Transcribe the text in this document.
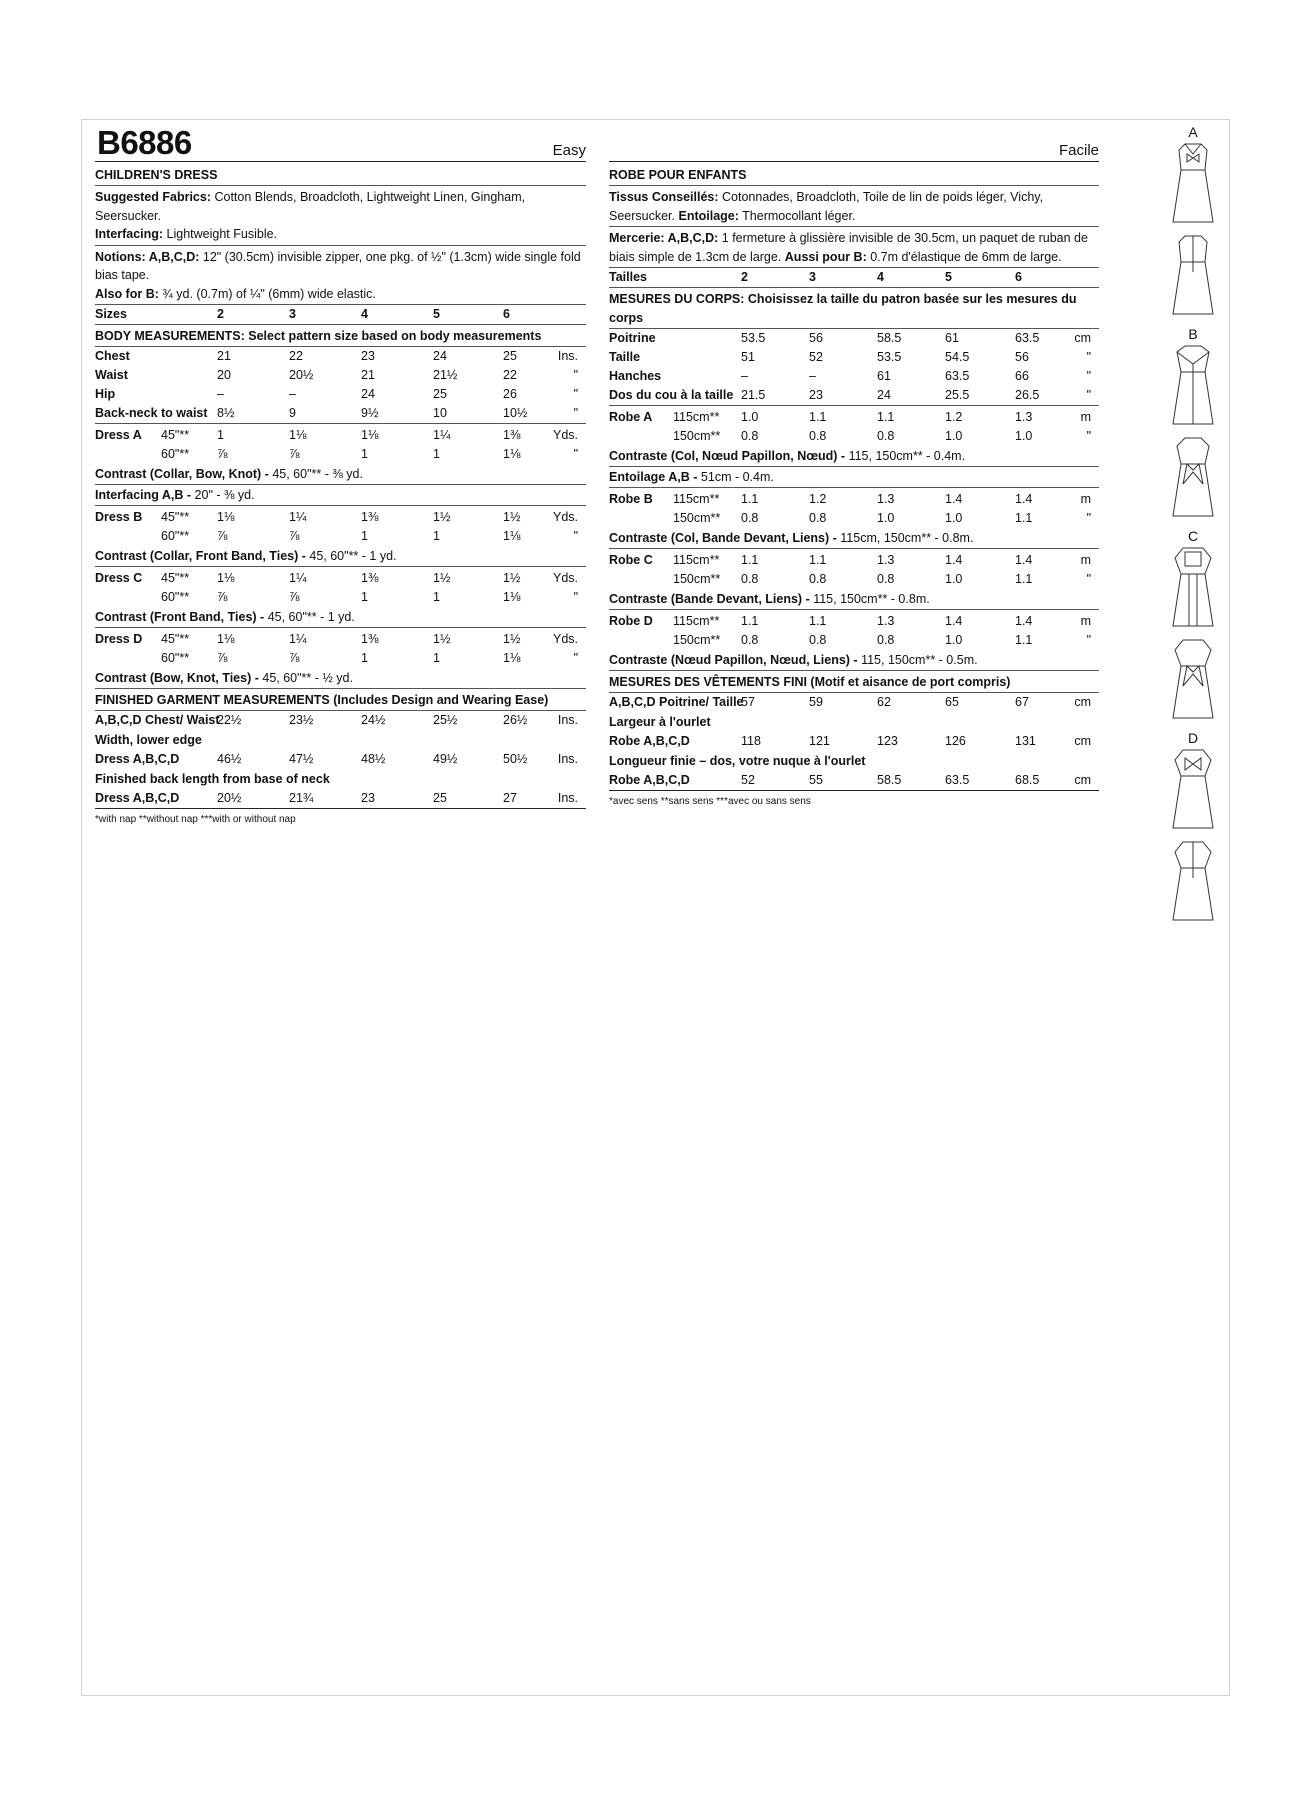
B6886	Easy
CHILDREN'S DRESS
Suggested Fabrics: Cotton Blends, Broadcloth, Lightweight Linen, Gingham, Seersucker.
Interfacing: Lightweight Fusible.
Notions: A,B,C,D: 12" (30.5cm) invisible zipper, one pkg. of ½" (1.3cm) wide single fold bias tape.
Also for B: ¾ yd. (0.7m) of ¼" (6mm) wide elastic.
Sizes	2	3	4	5	6
BODY MEASUREMENTS: Select pattern size based on body measurements
Chest	21	22	23	24	25	Ins.
Waist	20	20½	21	21½	22	"
Hip	–	–	24	25	26	"
Back-neck to waist 8½	9	9½	10	10½	"
Dress A 45"** 1	1⅛	1⅛	1¼	1⅜	Yds.
60"** ⅞	⅞	1	1	1⅛	"
Contrast (Collar, Bow, Knot) - 45, 60"** - ⅜ yd.
Interfacing A,B - 20" - ⅜ yd.
Dress B 45"** 1⅛	1¼	1⅜	1½	1½	Yds.
60"** ⅞	⅞	1	1	1⅛	"
Contrast (Collar, Front Band, Ties) - 45, 60"** - 1 yd.
Dress C 45"** 1⅛	1¼	1⅜	1½	1½	Yds.
60"** ⅞	⅞	1	1	1⅛	"
Contrast (Front Band, Ties) - 45, 60"** - 1 yd.
Dress D 45"** 1⅛	1¼	1⅜	1½	1½	Yds.
60"** ⅞	⅞	1	1	1⅛	"
Contrast (Bow, Knot, Ties) - 45, 60"** - ½ yd.
FINISHED GARMENT MEASUREMENTS (Includes Design and Wearing Ease)
A,B,C,D Chest/ Waist
22½	23½	24½	25½	26½ Ins.
Width, lower edge
Dress A,B,C,D	46½	47½	48½	49½	50½ Ins.
Finished back length from base of neck
Dress A,B,C,D	20½	21¾	23	25	27	Ins.
*with nap **without nap ***with or without nap
Facile
ROBE POUR ENFANTS
Tissus Conseillés: Cotonnades, Broadcloth, Toile de lin de poids léger, Vichy, Seersucker. Entoilage: Thermocollant léger.
Mercerie: A,B,C,D: 1 fermeture à glissière invisible de 30.5cm, un paquet de ruban de biais simple de 1.3cm de large. Aussi pour B: 0.7m d'élastique de 6mm de large.
Tailles	2	3	4	5	6
MESURES DU CORPS: Choisissez la taille du patron basée sur les mesures du corps
Poitrine	53.5	56	58.5	61	63.5	cm
Taille	51	52	53.5	54.5	56	"
Hanches	–	–	61	63.5	66	"
Dos du cou à la taille 21.5	23	24	25.5	26.5	"
Robe A 115cm** 1.0	1.1	1.1	1.2	1.3	m
150cm** 0.8	0.8	0.8	1.0	1.0	"
Contraste (Col, Nœud Papillon, Nœud) - 115, 150cm** - 0.4m.
Entoilage A,B - 51cm - 0.4m.
Robe B 115cm** 1.1	1.2	1.3	1.4	1.4	m
150cm** 0.8	0.8	1.0	1.0	1.1	"
Contraste (Col, Bande Devant, Liens) - 115cm, 150cm** - 0.8m.
Robe C 115cm** 1.1	1.1	1.3	1.4	1.4	m
150cm** 0.8	0.8	0.8	1.0	1.1	"
Contraste (Bande Devant, Liens) - 115, 150cm** - 0.8m.
Robe D 115cm** 1.1	1.1	1.3	1.4	1.4	m
150cm** 0.8	0.8	0.8	1.0	1.1	"
Contraste (Nœud Papillon, Nœud, Liens) - 115, 150cm** - 0.5m.
MESURES DES VÊTEMENTS FINI (Motif et aisance de port compris)
A,B,C,D Poitrine/ Taille
57	59	62	65	67	cm
Largeur à l'ourlet
Robe A,B,C,D	118	121	123	126	131	cm
Longueur finie – dos, votre nuque à l'ourlet
Robe A,B,C,D	52	55	58.5	63.5	68.5	cm
*avec sens **sans sens ***avec ou sans sens
A
B
C
D
